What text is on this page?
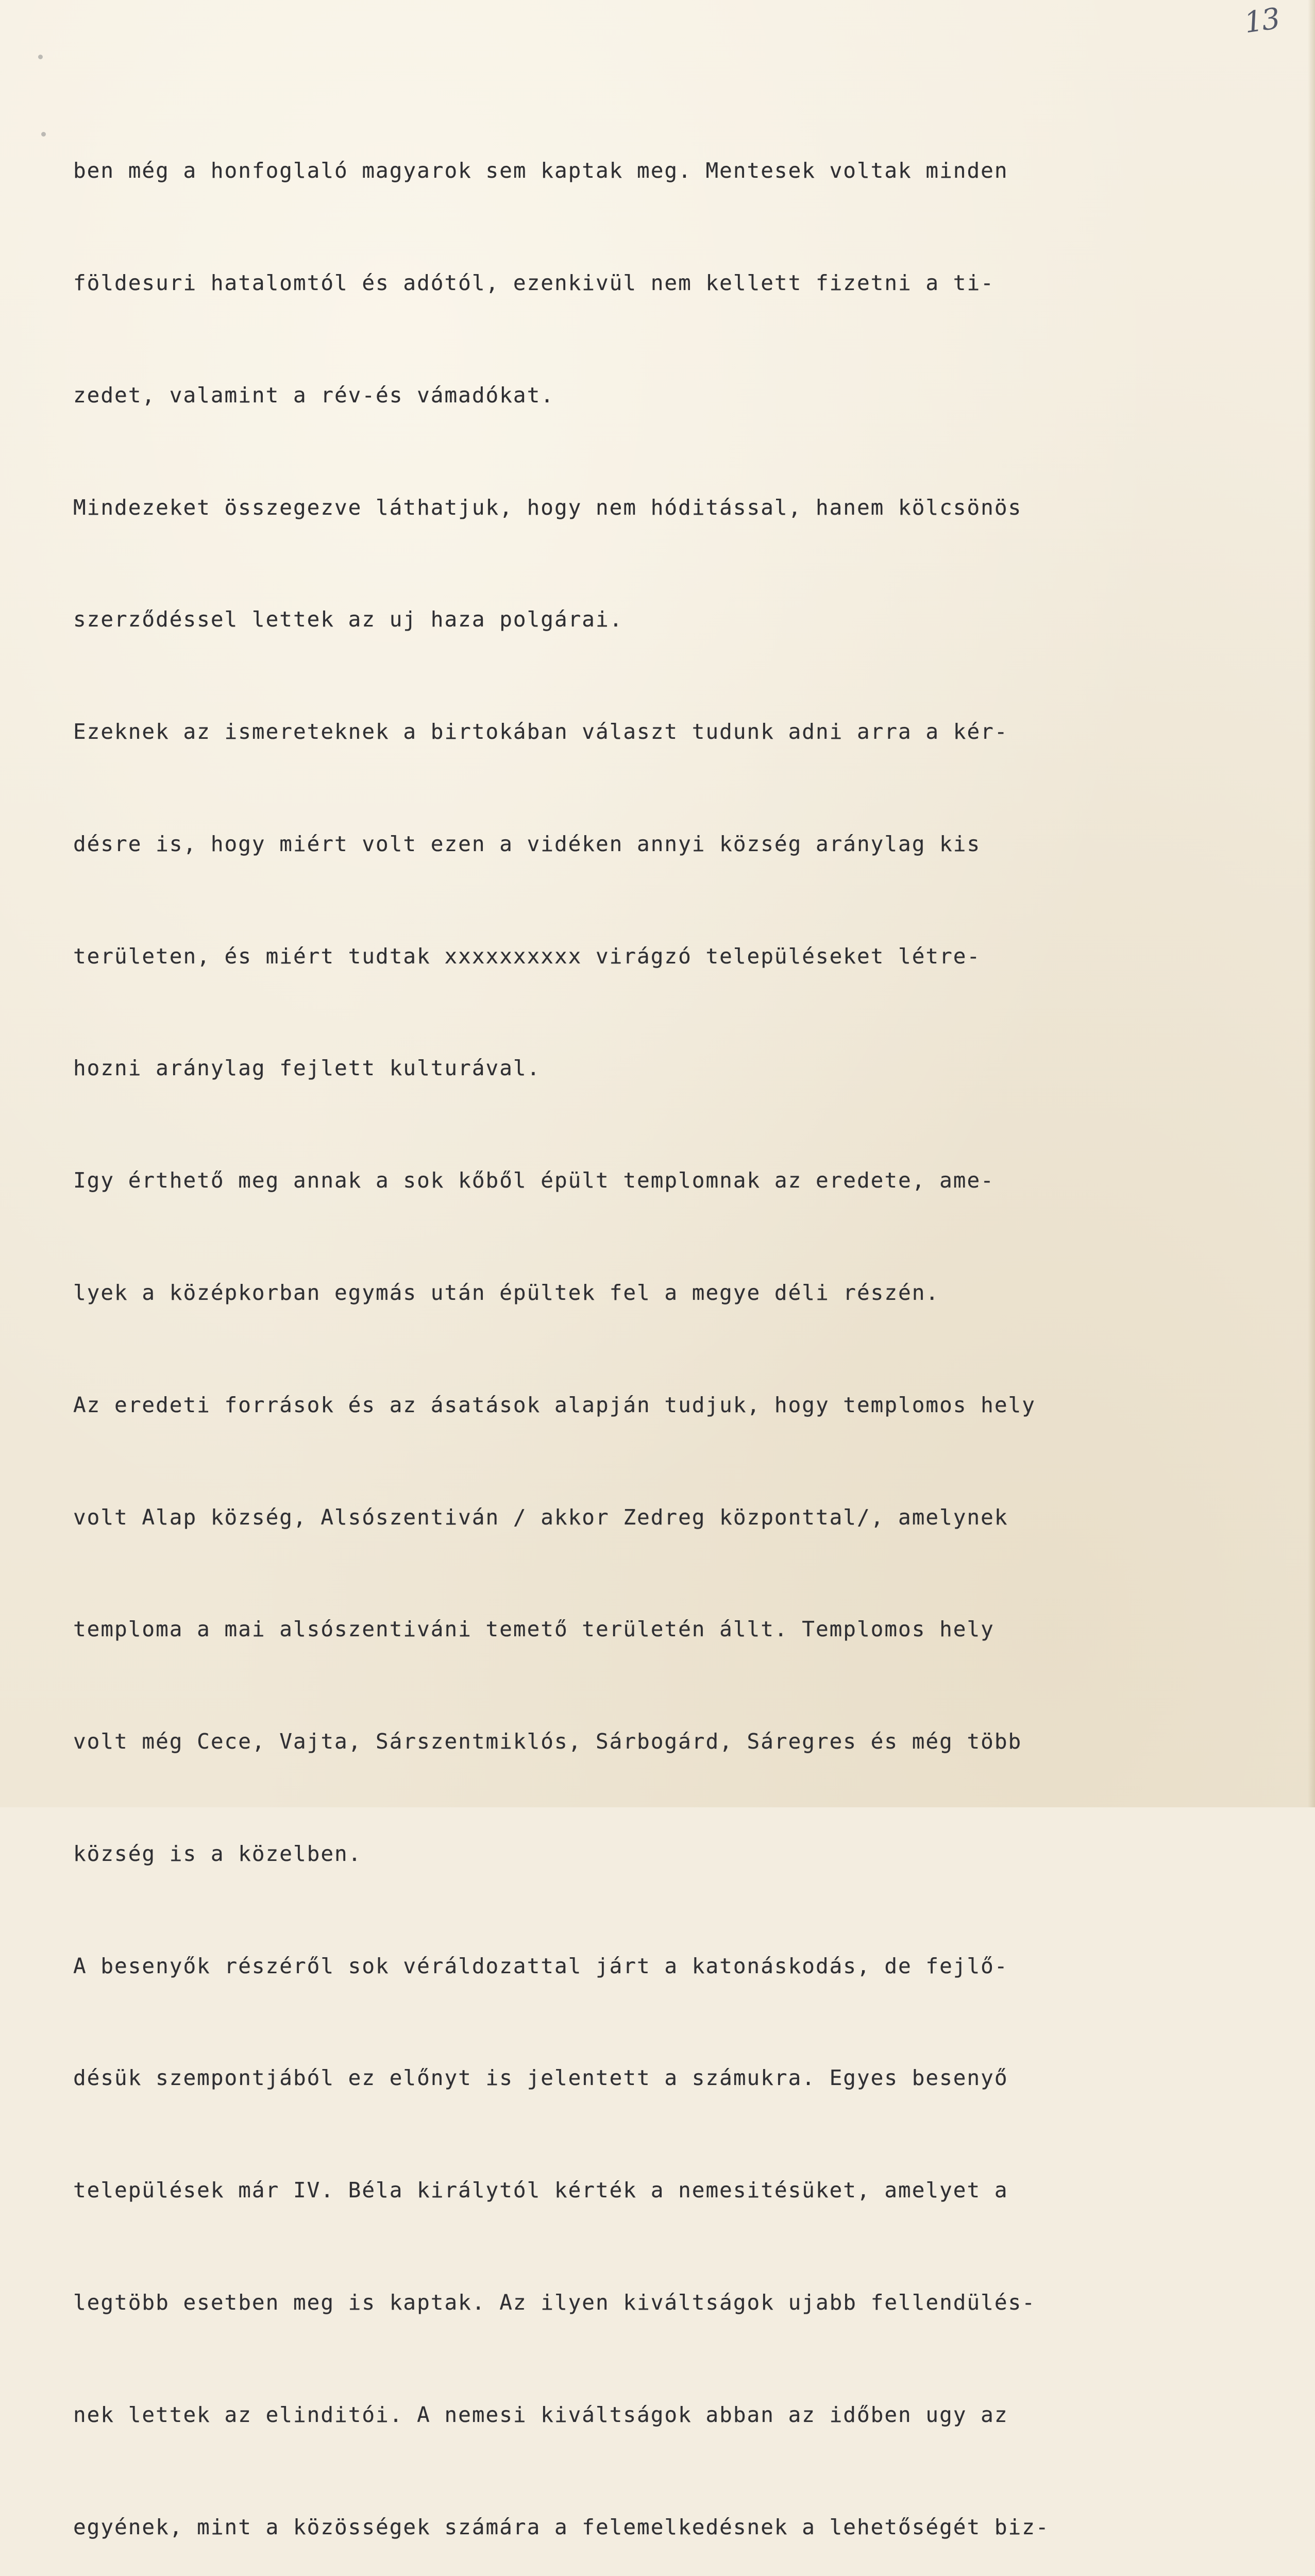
13

ben még a honfoglaló magyarok sem kaptak meg. Mentesek voltak minden

földesuri hatalomtól és adótól, ezenkivül nem kellett fizetni a ti-

zedet, valamint a rév-és vámadókat.

Mindezeket összegezve láthatjuk, hogy nem hóditással, hanem kölcsönös

szerződéssel lettek az uj haza polgárai.

Ezeknek az ismereteknek a birtokában választ tudunk adni arra a kér-

désre is, hogy miért volt ezen a vidéken annyi község aránylag kis

területen, és miért tudtak xxxxxxxxxx virágzó településeket létre-

hozni aránylag fejlett kulturával.

Igy érthető meg annak a sok kőből épült templomnak az eredete, ame-

lyek a középkorban egymás után épültek fel a megye déli részén.

Az eredeti források és az ásatások alapján tudjuk, hogy templomos hely

volt Alap község, Alsószentiván / akkor Zedreg központtal/, amelynek

temploma a mai alsószentiváni temető területén állt. Templomos hely

volt még Cece, Vajta, Sárszentmiklós, Sárbogárd, Sáregres és még több

község is a közelben.

A besenyők részéről sok véráldozattal járt a katonáskodás, de fejlő-

désük szempontjából ez előnyt is jelentett a számukra. Egyes besenyő

települések már IV. Béla királytól kérték a nemesitésüket, amelyet a

legtöbb esetben meg is kaptak. Az ilyen kiváltságok ujabb fellendülés-

nek lettek az elinditói. A nemesi kiváltságok abban az időben ugy az

egyének, mint a közösségek számára a felemelkedésnek a lehetőségét biz-
